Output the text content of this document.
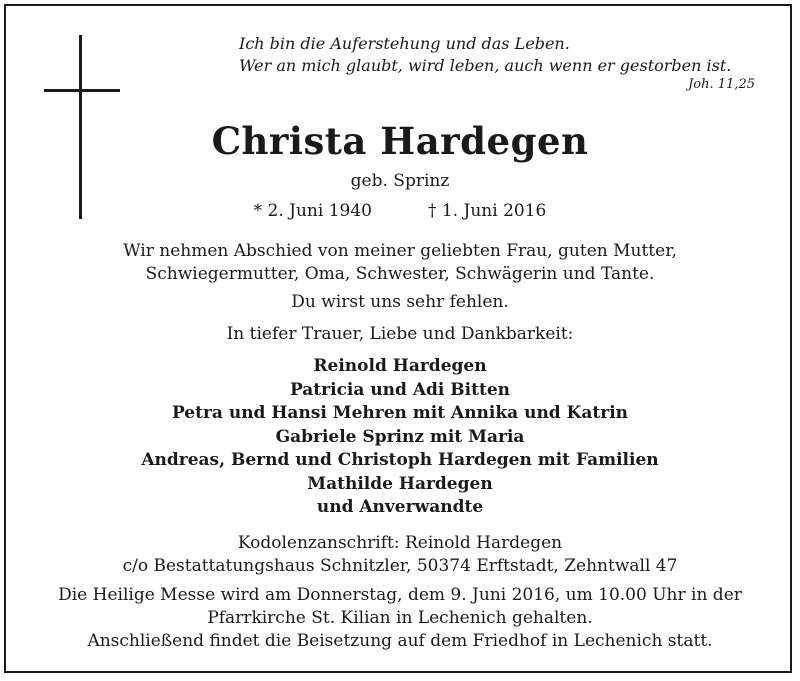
Ich bin die Auferstehung und das Leben.
Wer an mich glaubt, wird leben, auch wenn er gestorben ist.
Joh. 11,25
Christa Hardegen
geb. Sprinz
* 2. Juni 1940	† 1. Juni 2016
Wir nehmen Abschied von meiner geliebten Frau, guten Mutter,
Schwiegermutter, Oma, Schwester, Schwägerin und Tante.
Du wirst uns sehr fehlen.
In tiefer Trauer, Liebe und Dankbarkeit:
Reinold Hardegen
Patricia und Adi Bitten
Petra und Hansi Mehren mit Annika und Katrin
Gabriele Sprinz mit Maria
Andreas, Bernd und Christoph Hardegen mit Familien
Mathilde Hardegen
und Anverwandte
Kodolenzanschrift: Reinold Hardegen
c/o Bestattatungshaus Schnitzler, 50374 Erftstadt, Zehntwall 47
Die Heilige Messe wird am Donnerstag, dem 9. Juni 2016, um 10.00 Uhr in der
Pfarrkirche St. Kilian in Lechenich gehalten.
Anschließend findet die Beisetzung auf dem Friedhof in Lechenich statt.
